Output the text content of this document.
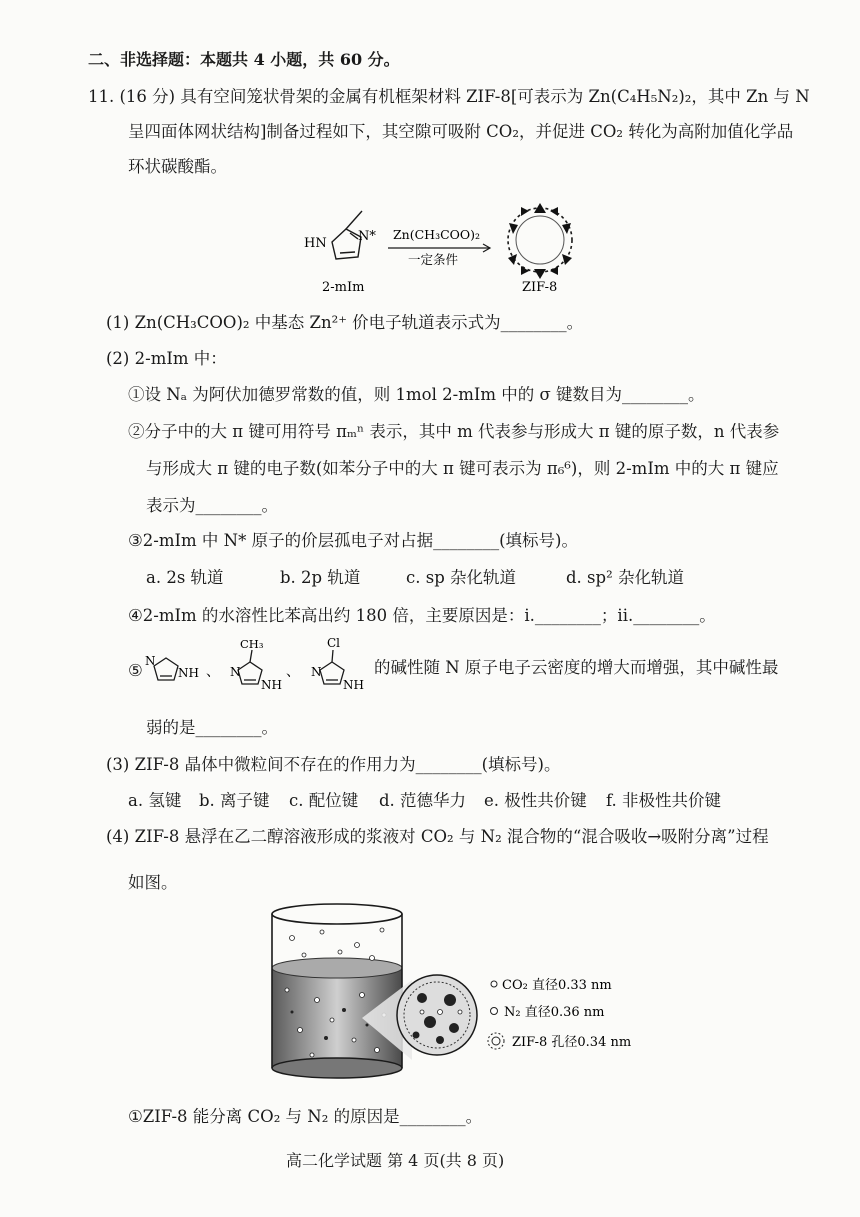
二、非选择题：本题共 4 小题，共 60 分。
11. (16 分) 具有空间笼状骨架的金属有机框架材料 ZIF-8[可表示为 Zn(C₄H₅N₂)₂，其中 Zn 与 N
呈四面体网状结构]制备过程如下，其空隙可吸附 CO₂，并促进 CO₂ 转化为高附加值化学品
环状碳酸酯。
HN N*
2-mIm
Zn(CH₃COO)₂
一定条件
ZIF-8
(1) Zn(CH₃COO)₂ 中基态 Zn²⁺ 价电子轨道表示式为________。
(2) 2-mIm 中：
①设 Nₐ 为阿伏加德罗常数的值，则 1mol 2-mIm 中的 σ 键数目为________。
②分子中的大 π 键可用符号 πₘⁿ 表示，其中 m 代表参与形成大 π 键的原子数，n 代表参
与形成大 π 键的电子数(如苯分子中的大 π 键可表示为 π₆⁶)，则 2-mIm 中的大 π 键应
表示为________。
③2-mIm 中 N* 原子的价层孤电子对占据________(填标号)。
a. 2s 轨道	b. 2p 轨道	c. sp 杂化轨道	d. sp² 杂化轨道
④2-mIm 的水溶性比苯高出约 180 倍，主要原因是：i.________；ii.________。
⑤ N
NH 、
CH₃
N
NH
、
Cl
N
NH
的碱性随 N 原子电子云密度的增大而增强，其中碱性最
弱的是________。
(3) ZIF-8 晶体中微粒间不存在的作用力为________(填标号)。
a. 氢键 b. 离子键 c. 配位键 d. 范德华力 e. 极性共价键 f. 非极性共价键
(4) ZIF-8 悬浮在乙二醇溶液形成的浆液对 CO₂ 与 N₂ 混合物的“混合吸收→吸附分离”过程
如图。
CO₂ 直径0.33 nm
N₂ 直径0.36 nm
ZIF-8 孔径0.34 nm
①ZIF-8 能分离 CO₂ 与 N₂ 的原因是________。
高二化学试题 第 4 页(共 8 页)
